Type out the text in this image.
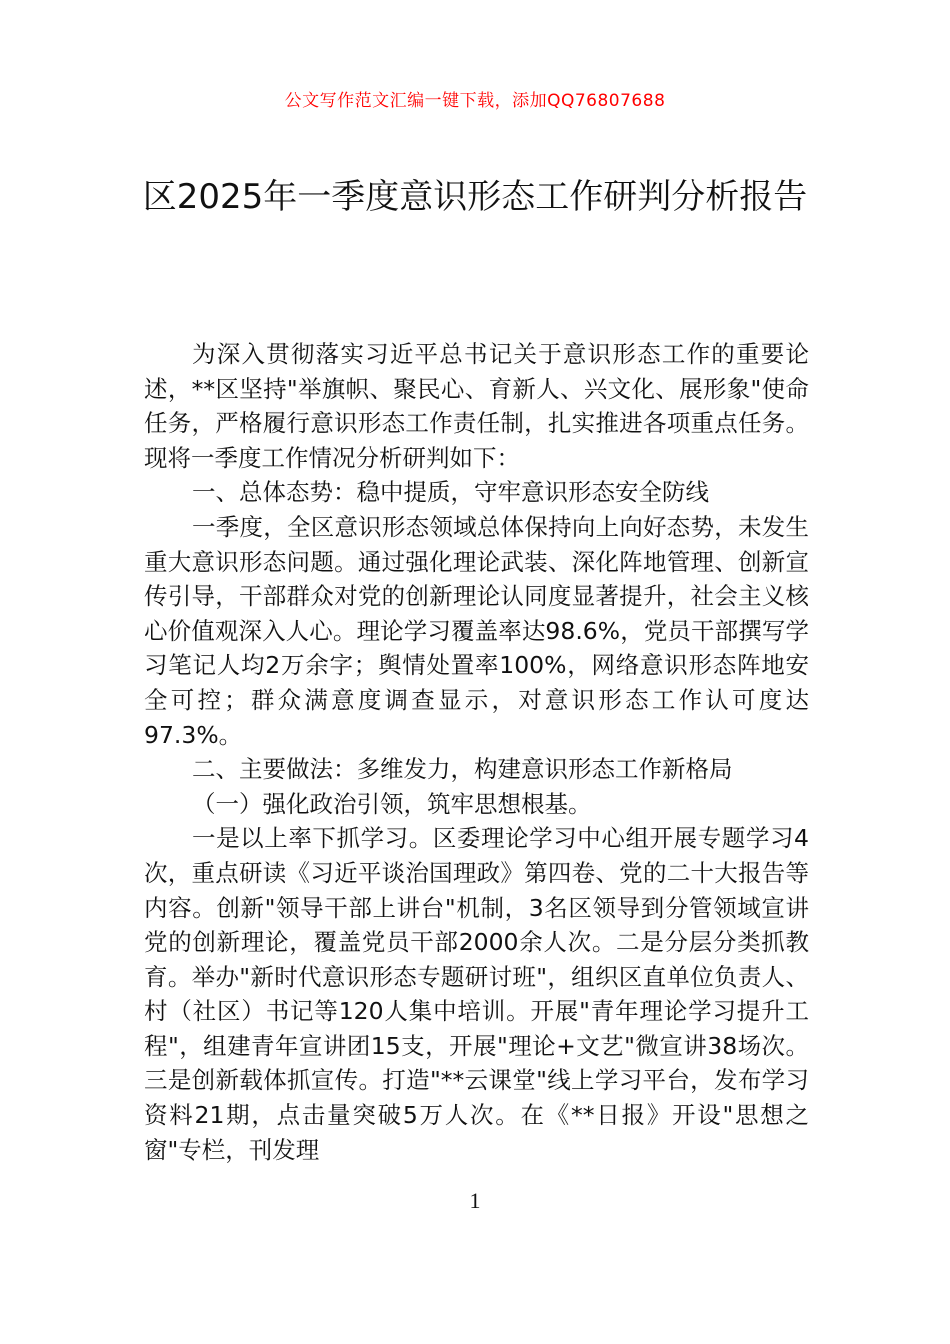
公文写作范文汇编一键下载，添加QQ76807688
区2025年一季度意识形态工作研判分析报告

为深入贯彻落实习近平总书记关于意识形态工作的重要论述，**区坚持"举旗帜、聚民心、育新人、兴文化、展形象"使命任务，严格履行意识形态工作责任制，扎实推进各项重点任务。现将一季度工作情况分析研判如下：

一、总体态势：稳中提质，守牢意识形态安全防线

一季度，全区意识形态领域总体保持向上向好态势，未发生重大意识形态问题。通过强化理论武装、深化阵地管理、创新宣传引导，干部群众对党的创新理论认同度显著提升，社会主义核心价值观深入人心。理论学习覆盖率达98.6%，党员干部撰写学习笔记人均2万余字；舆情处置率100%，网络意识形态阵地安全可控；群众满意度调查显示，对意识形态工作认可度达97.3%。

二、主要做法：多维发力，构建意识形态工作新格局

（一）强化政治引领，筑牢思想根基。

一是以上率下抓学习。区委理论学习中心组开展专题学习4次，重点研读《习近平谈治国理政》第四卷、党的二十大报告等内容。创新"领导干部上讲台"机制，3名区领导到分管领域宣讲党的创新理论，覆盖党员干部2000余人次。二是分层分类抓教育。举办"新时代意识形态专题研讨班"，组织区直单位负责人、村（社区）书记等120人集中培训。开展"青年理论学习提升工程"，组建青年宣讲团15支，开展"理论+文艺"微宣讲38场次。三是创新载体抓宣传。打造"**云课堂"线上学习平台，发布学习资料21期，点击量突破5万人次。在《**日报》开设"思想之窗"专栏，刊发理

1
